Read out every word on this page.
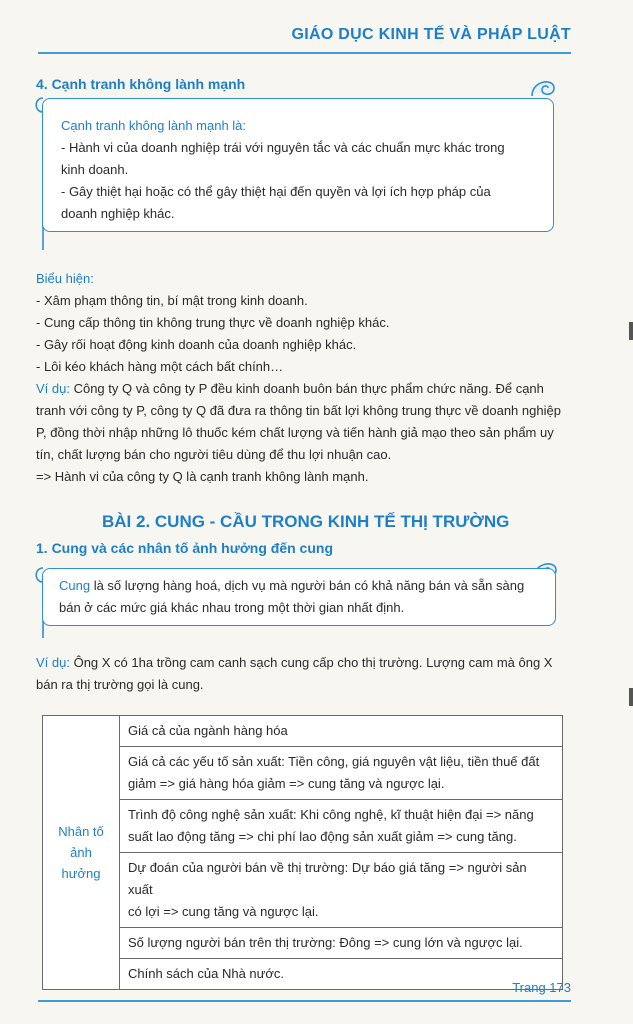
GIÁO DỤC KINH TẾ VÀ PHÁP LUẬT
4. Cạnh tranh không lành mạnh
Cạnh tranh không lành mạnh là:
- Hành vi của doanh nghiệp trái với nguyên tắc và các chuẩn mực khác trong
kinh doanh.
- Gây thiệt hại hoặc có thể gây thiệt hại đến quyền và lợi ích hợp pháp của
doanh nghiệp khác.
Biểu hiện:
- Xâm phạm thông tin, bí mật trong kinh doanh.
- Cung cấp thông tin không trung thực về doanh nghiệp khác.
- Gây rối hoạt động kinh doanh của doanh nghiệp khác.
- Lôi kéo khách hàng một cách bất chính…
Ví dụ: Công ty Q và công ty P đều kinh doanh buôn bán thực phẩm chức năng. Để cạnh
tranh với công ty P, công ty Q đã đưa ra thông tin bất lợi không trung thực về doanh nghiệp
P, đồng thời nhập những lô thuốc kém chất lượng và tiến hành giả mạo theo sản phẩm uy
tín, chất lượng bán cho người tiêu dùng để thu lợi nhuận cao.
=> Hành vi của công ty Q là cạnh tranh không lành mạnh.
BÀI 2. CUNG - CẦU TRONG KINH TẾ THỊ TRƯỜNG
1. Cung và các nhân tố ảnh hưởng đến cung
Cung là số lượng hàng hoá, dịch vụ mà người bán có khả năng bán và sẵn sàng
bán ở các mức giá khác nhau trong một thời gian nhất định.
Ví dụ: Ông X có 1ha trồng cam canh sạch cung cấp cho thị trường. Lượng cam mà ông X
bán ra thị trường gọi là cung.
Nhân tố
ảnh
hưởng

Giá cả của ngành hàng hóa

Giá cả các yếu tố sản xuất: Tiền công, giá nguyên vật liệu, tiền thuế đất
giảm => giá hàng hóa giảm => cung tăng và ngược lại.

Trình độ công nghệ sản xuất: Khi công nghệ, kĩ thuật hiện đại => năng
suất lao động tăng => chi phí lao động sản xuất giảm => cung tăng.

Dự đoán của người bán về thị trường: Dự báo giá tăng => người sản xuất
có lợi => cung tăng và ngược lại.

Số lượng người bán trên thị trường: Đông => cung lớn và ngược lại.

Chính sách của Nhà nước.
Trang 173
